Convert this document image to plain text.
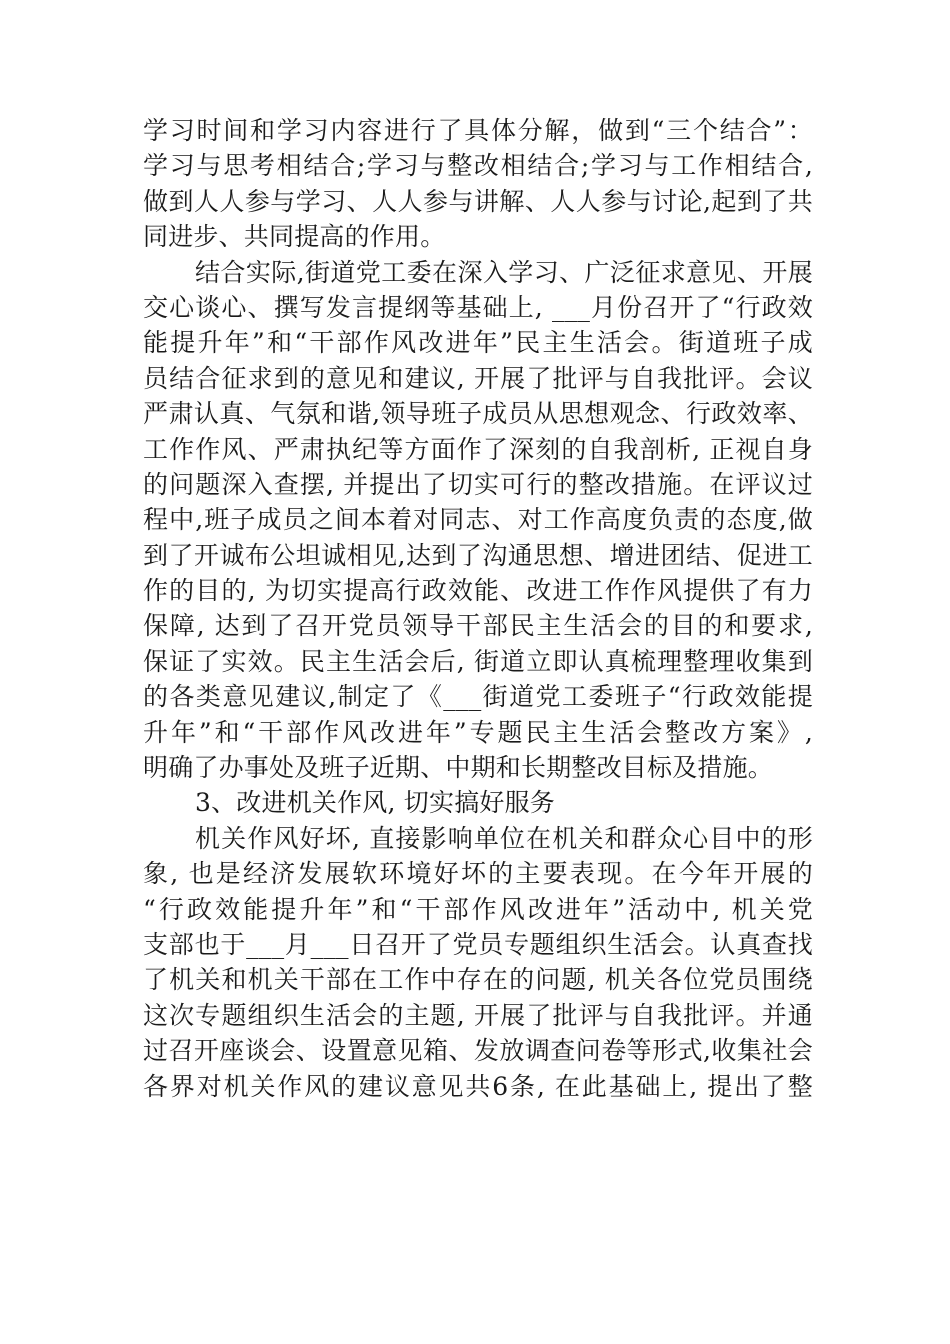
学习时间和学习内容进行了具体分解，做到“三个结合”：
学习与思考相结合;学习与整改相结合;学习与工作相结合,
做到人人参与学习、人人参与讲解、人人参与讨论,起到了共
同进步、共同提高的作用。
结合实际,街道党工委在深入学习、广泛征求意见、开展
交心谈心、撰写发言提纲等基础上, ___月份召开了“行政效
能提升年”和“干部作风改进年”民主生活会。街道班子成
员结合征求到的意见和建议, 开展了批评与自我批评。会议
严肃认真、气氛和谐,领导班子成员从思想观念、行政效率、
工作作风、严肃执纪等方面作了深刻的自我剖析, 正视自身
的问题深入查摆, 并提出了切实可行的整改措施。在评议过
程中,班子成员之间本着对同志、对工作高度负责的态度,做
到了开诚布公坦诚相见,达到了沟通思想、增进团结、促进工
作的目的, 为切实提高行政效能、改进工作作风提供了有力
保障, 达到了召开党员领导干部民主生活会的目的和要求,
保证了实效。民主生活会后, 街道立即认真梳理整理收集到
的各类意见建议,制定了《___街道党工委班子“行政效能提
升年”和“干部作风改进年”专题民主生活会整改方案》,
明确了办事处及班子近期、中期和长期整改目标及措施。
3、改进机关作风, 切实搞好服务
机关作风好坏, 直接影响单位在机关和群众心目中的形
象, 也是经济发展软环境好坏的主要表现。在今年开展的
“行政效能提升年”和“干部作风改进年”活动中, 机关党
支部也于___月___日召开了党员专题组织生活会。认真查找
了机关和机关干部在工作中存在的问题, 机关各位党员围绕
这次专题组织生活会的主题, 开展了批评与自我批评。并通
过召开座谈会、设置意见箱、发放调查问卷等形式,收集社会
各界对机关作风的建议意见共6条, 在此基础上, 提出了整
